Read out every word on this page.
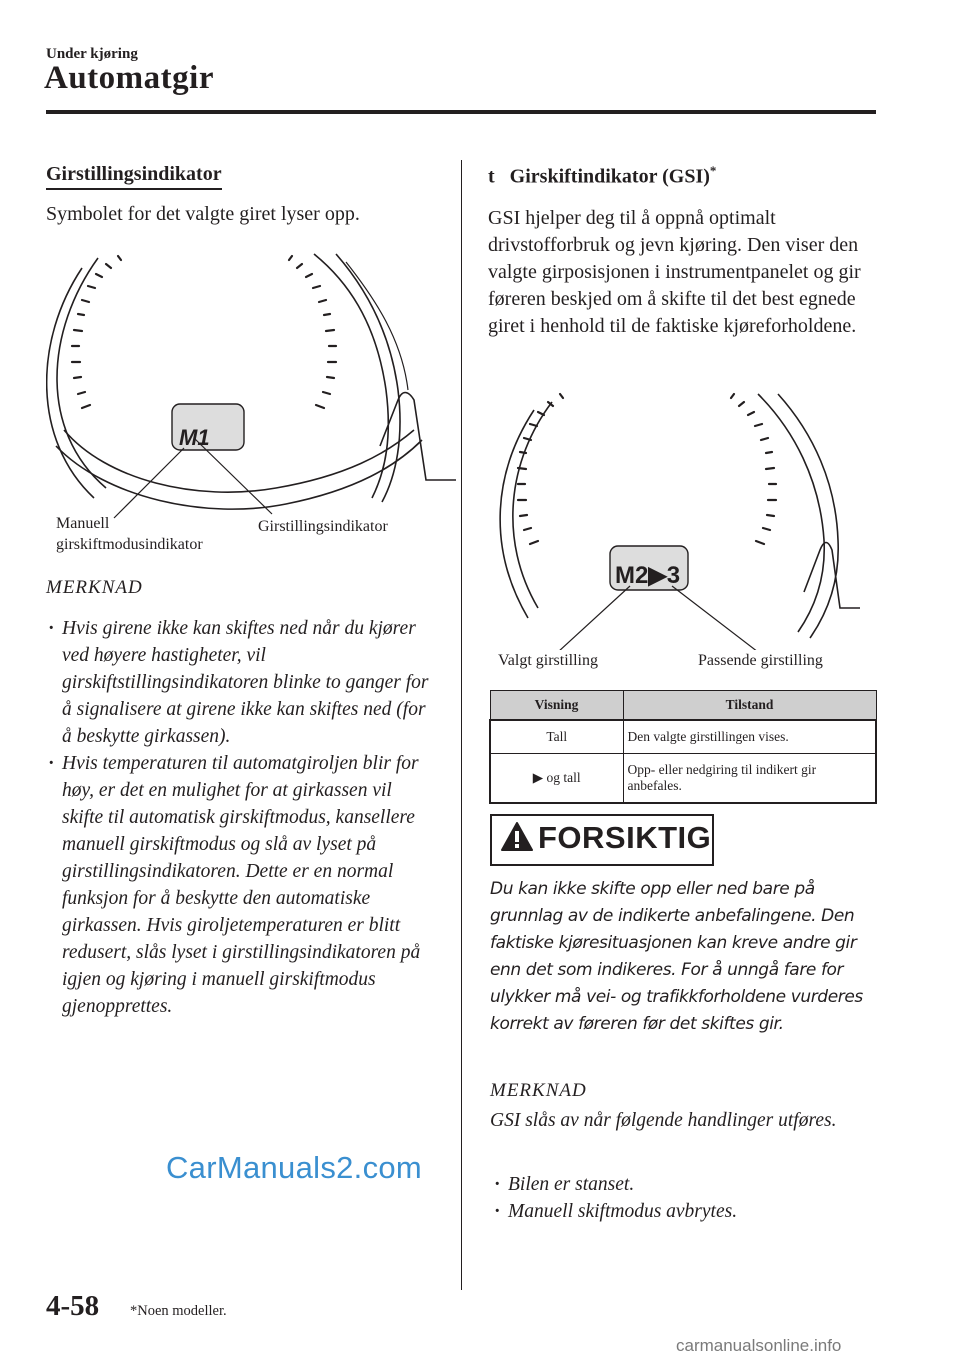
Under kjøring
Automatgir
Girstillingsindikator
Symbolet for det valgte giret lyser opp.
M1
Manuell
girskiftmodusindikator
Girstillingsindikator
MERKNAD
· Hvis girene ikke kan skiftes ned når du kjører ved høyere hastigheter, vil girskiftstillingsindikatoren blinke to ganger for å signalisere at girene ikke kan skiftes ned (for å beskytte girkassen).
· Hvis temperaturen til automatgiroljen blir for høy, er det en mulighet for at girkassen vil skifte til automatisk girskiftmodus, kansellere manuell girskiftmodus og slå av lyset på girstillingsindikatoren. Dette er en normal funksjon for å beskytte den automatiske girkassen. Hvis giroljetemperaturen er blitt redusert, slås lyset i girstillingsindikatoren på igjen og kjøring i manuell girskiftmodus gjenopprettes.
t Girskiftindikator (GSI)*
GSI hjelper deg til å oppnå optimalt drivstofforbruk og jevn kjøring. Den viser den valgte girposisjonen i instrumentpanelet og gir føreren beskjed om å skifte til det best egnede giret i henhold til de faktiske kjøreforholdene.
M2▶3
Valgt girstilling	Passende girstilling
Visning	Tilstand
Tall	Den valgte girstillingen vises.
▶ og tall	Opp- eller nedgiring til indikert gir anbefales.
FORSIKTIG
Du kan ikke skifte opp eller ned bare på grunnlag av de indikerte anbefalingene. Den faktiske kjøresituasjonen kan kreve andre gir enn det som indikeres. For å unngå fare for ulykker må vei- og trafikkforholdene vurderes korrekt av føreren før det skiftes gir.
MERKNAD
GSI slås av når følgende handlinger utføres.
· Bilen er stanset.
· Manuell skiftmodus avbrytes.
CarManuals2.com
4-58 *Noen modeller.
carmanualsonline.info
